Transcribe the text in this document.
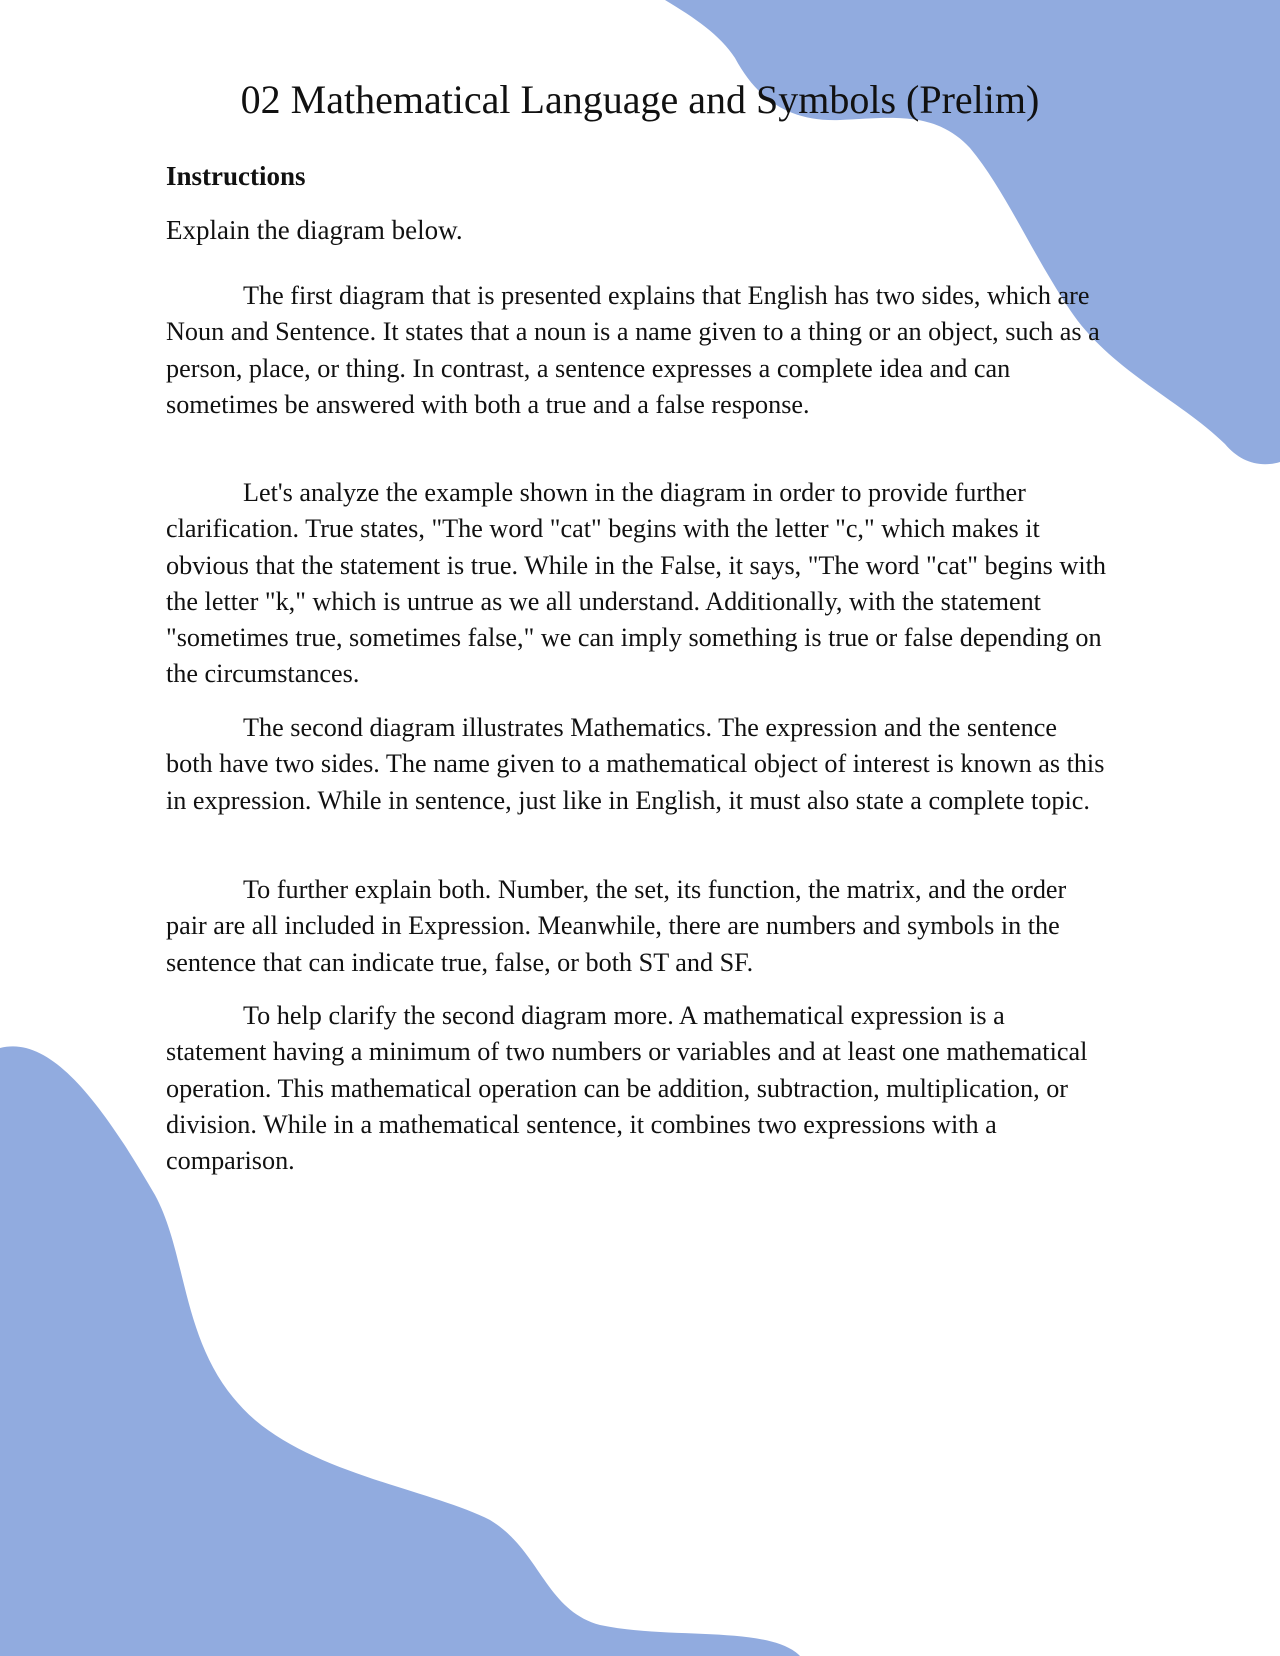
02 Mathematical Language and Symbols (Prelim)
Instructions

Explain the diagram below.

The first diagram that is presented explains that English has two sides, which are Noun and Sentence. It states that a noun is a name given to a thing or an object, such as a person, place, or thing. In contrast, a sentence expresses a complete idea and can sometimes be answered with both a true and a false response.

Let's analyze the example shown in the diagram in order to provide further clarification. True states, "The word "cat" begins with the letter "c," which makes it obvious that the statement is true. While in the False, it says, "The word "cat" begins with the letter "k," which is untrue as we all understand. Additionally, with the statement "sometimes true, sometimes false," we can imply something is true or false depending on the circumstances.

The second diagram illustrates Mathematics. The expression and the sentence both have two sides. The name given to a mathematical object of interest is known as this in expression. While in sentence, just like in English, it must also state a complete topic.

To further explain both. Number, the set, its function, the matrix, and the order pair are all included in Expression. Meanwhile, there are numbers and symbols in the sentence that can indicate true, false, or both ST and SF.

To help clarify the second diagram more. A mathematical expression is a statement having a minimum of two numbers or variables and at least one mathematical operation. This mathematical operation can be addition, subtraction, multiplication, or division. While in a mathematical sentence, it combines two expressions with a comparison.
